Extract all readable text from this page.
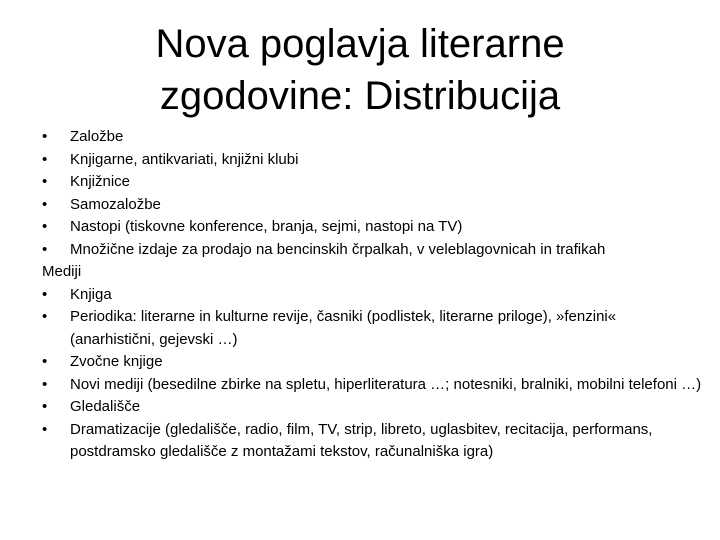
Nova poglavja literarne
zgodovine: Distribucija
•	Založbe
•	Knjigarne, antikvariati, knjižni klubi
•	Knjižnice
•	Samozaložbe
•	Nastopi (tiskovne konference, branja, sejmi, nastopi na TV)
•	Množične izdaje za prodajo na bencinskih črpalkah, v veleblagovnicah in trafikah
Mediji
•	Knjiga
•	Periodika: literarne in kulturne revije, časniki (podlistek, literarne priloge), »fenzini« (anarhistični, gejevski …)
•	Zvočne knjige
•	Novi mediji (besedilne zbirke na spletu, hiperliteratura …; notesniki, bralniki, mobilni telefoni …)
•	Gledališče
•	Dramatizacije (gledališče, radio, film, TV, strip, libreto, uglasbitev, recitacija, performans, postdramsko gledališče z montažami tekstov, računalniška igra)
